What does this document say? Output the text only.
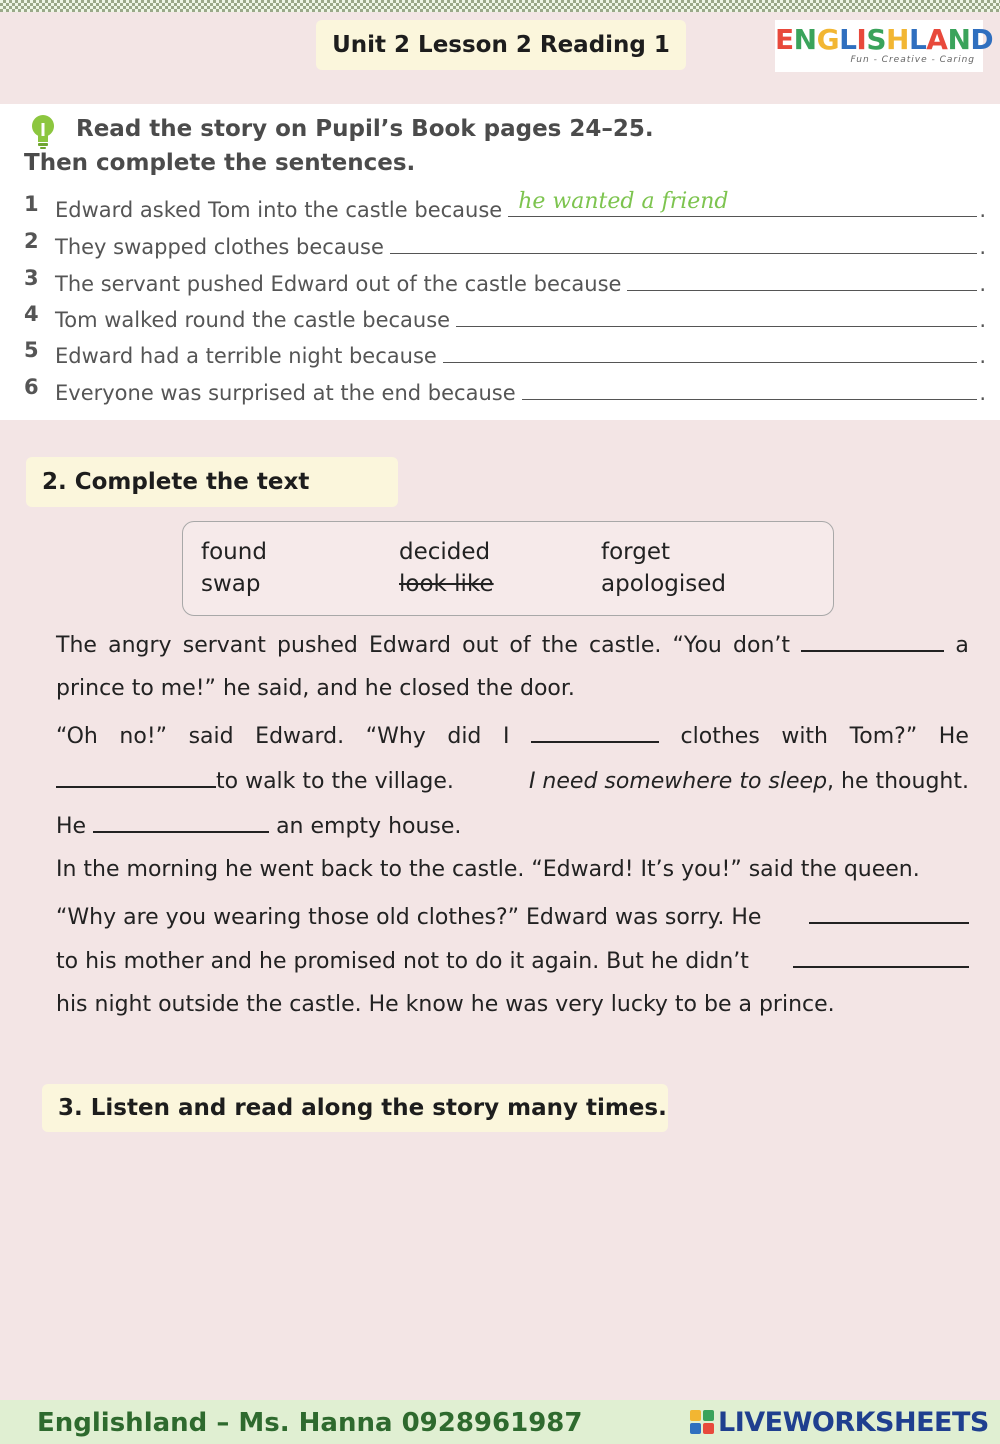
Unit 2 Lesson 2 Reading 1	ENGLISHLAND
Fun - Creative - Caring
Read the story on Pupil’s Book pages 24–25.
Then complete the sentences.
1 Edward asked Tom into the castle because he wanted a friend	.
2 They swapped clothes because	.
3 The servant pushed Edward out of the castle because	.
4 Tom walked round the castle because	.
5 Edward had a terrible night because	.
6 Everyone was surprised at the end because	.
2. Complete the text
found	decided	forget
swap	look like	apologised
The angry servant pushed Edward out of the castle. “You don’t	a
prince to me!” he said, and he closed the door.
“Oh no!” said Edward. “Why did I	clothes with Tom?” He
to walk to the village.	I need somewhere to sleep, he thought.
He	an empty house.
In the morning he went back to the castle. “Edward! It’s you!” said the queen.
“Why are you wearing those old clothes?” Edward was sorry. He
to his mother and he promised not to do it again. But he didn’t
his night outside the castle. He know he was very lucky to be a prince.
3. Listen and read along the story many times.
Englishland – Ms. Hanna 0928961987	LIVEWORKSHEETS
